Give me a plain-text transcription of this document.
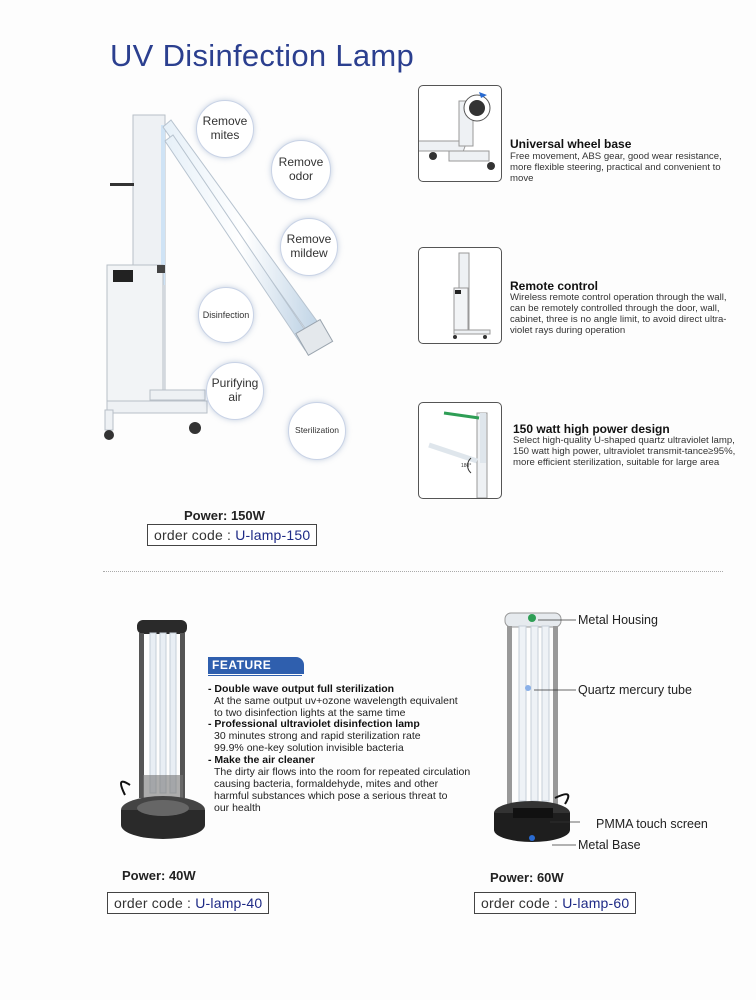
UV Disinfection Lamp
Remove
mites
Remove
odor
Remove
mildew
Disinfection
Purifying
air
Sterilization
180°
Universal wheel base
Free movement, ABS gear, good wear resistance, more flexible steering, practical and convenient to move
Remote control
Wireless remote control operation through the wall, can be remotely controlled through the door, wall, cabinet, three is no angle limit, to avoid direct ultra-violet rays during operation
150 watt high power design
Select high-quality U-shaped quartz ultraviolet lamp, 150 watt high power, ultraviolet transmit-tance≥95%, more efficient sterilization, suitable for large area
Power: 150W
order code : U-lamp-150
FEATURE
- Double wave output full sterilization
At the same output uv+ozone wavelength equivalent
to two disinfection lights at the same time
- Professional ultraviolet disinfection lamp
30 minutes strong and rapid sterilization rate
99.9% one-key solution invisible bacteria
- Make the air cleaner
The dirty air flows into the room for repeated circulation
causing bacteria, formaldehyde, mites and other
harmful substances which pose a serious threat to
our health
Metal Housing
Quartz mercury tube
PMMA touch screen
Metal Base
Power: 40W
order code : U-lamp-40
Power: 60W
order code : U-lamp-60
